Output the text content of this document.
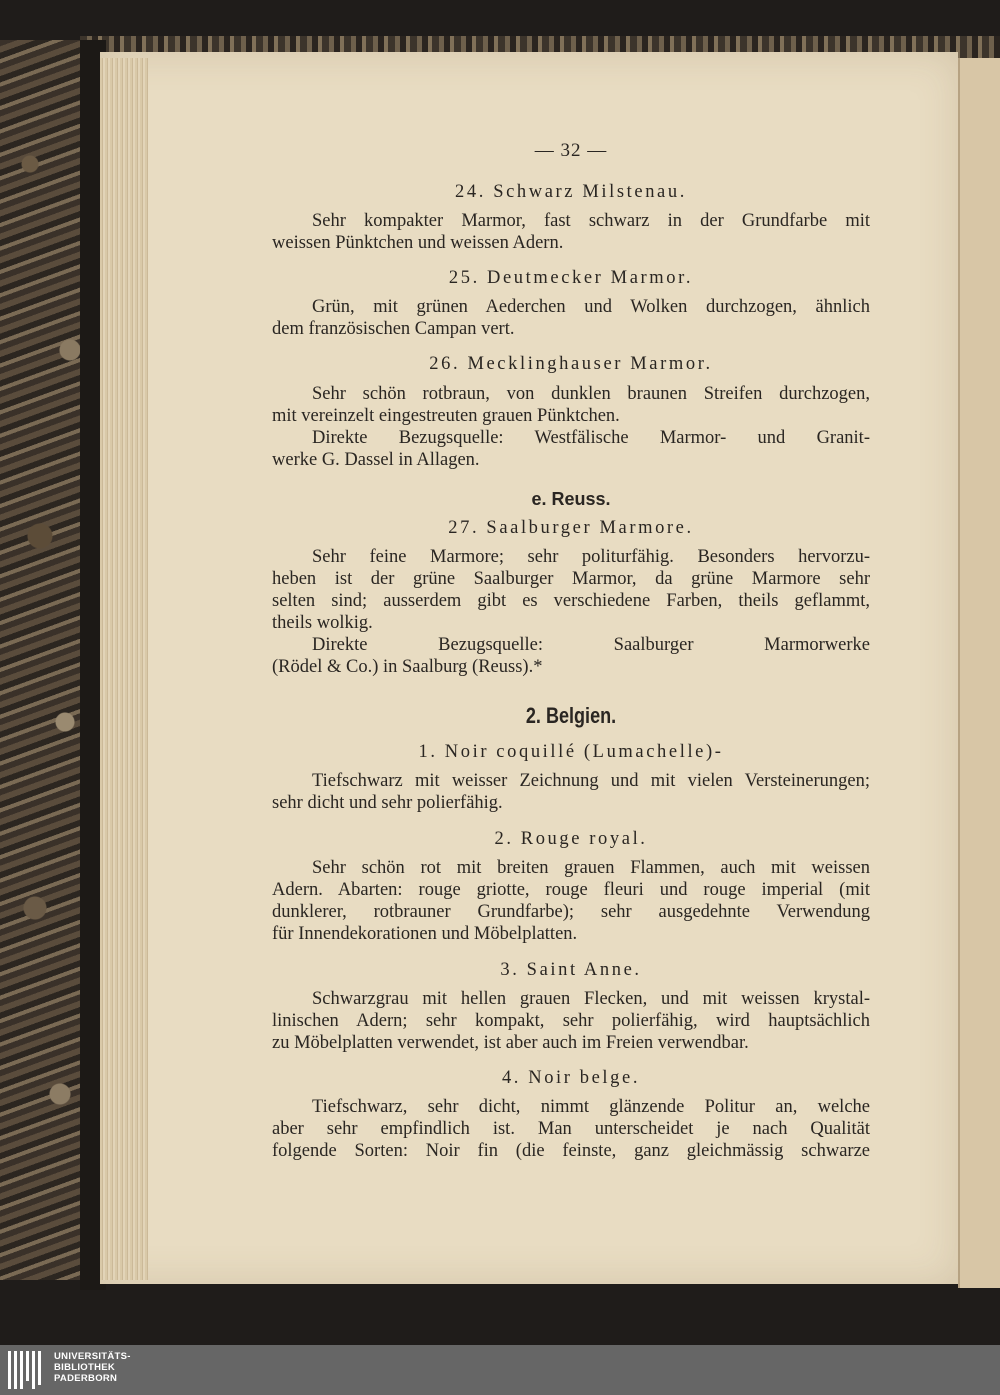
— 32 —
24. Schwarz Milstenau.
Sehr kompakter Marmor, fast schwarz in der Grundfarbe mit
weissen Pünktchen und weissen Adern.
25. Deutmecker Marmor.
Grün, mit grünen Aederchen und Wolken durchzogen, ähnlich
dem französischen Campan vert.
26. Mecklinghauser Marmor.
Sehr schön rotbraun, von dunklen braunen Streifen durchzogen,
mit vereinzelt eingestreuten grauen Pünktchen.
Direkte Bezugsquelle: Westfälische Marmor- und Granit-
werke G. Dassel in Allagen.
e. Reuss.
27. Saalburger Marmore.
Sehr feine Marmore; sehr politurfähig. Besonders hervorzu-
heben ist der grüne Saalburger Marmor, da grüne Marmore sehr
selten sind; ausserdem gibt es verschiedene Farben, theils geflammt,
theils wolkig.
Direkte Bezugsquelle: Saalburger Marmorwerke
(Rödel & Co.) in Saalburg (Reuss).*
2. Belgien.
1. Noir coquillé (Lumachelle)-
Tiefschwarz mit weisser Zeichnung und mit vielen Versteinerungen;
sehr dicht und sehr polierfähig.
2. Rouge royal.
Sehr schön rot mit breiten grauen Flammen, auch mit weissen
Adern. Abarten: rouge griotte, rouge fleuri und rouge imperial (mit
dunklerer, rotbrauner Grundfarbe); sehr ausgedehnte Verwendung
für Innendekorationen und Möbelplatten.
3. Saint Anne.
Schwarzgrau mit hellen grauen Flecken, und mit weissen krystal-
linischen Adern; sehr kompakt, sehr polierfähig, wird hauptsächlich
zu Möbelplatten verwendet, ist aber auch im Freien verwendbar.
4. Noir belge.
Tiefschwarz, sehr dicht, nimmt glänzende Politur an, welche
aber sehr empfindlich ist. Man unterscheidet je nach Qualität
folgende Sorten: Noir fin (die feinste, ganz gleichmässig schwarze
UNIVERSITÄTS-
BIBLIOTHEK
PADERBORN
